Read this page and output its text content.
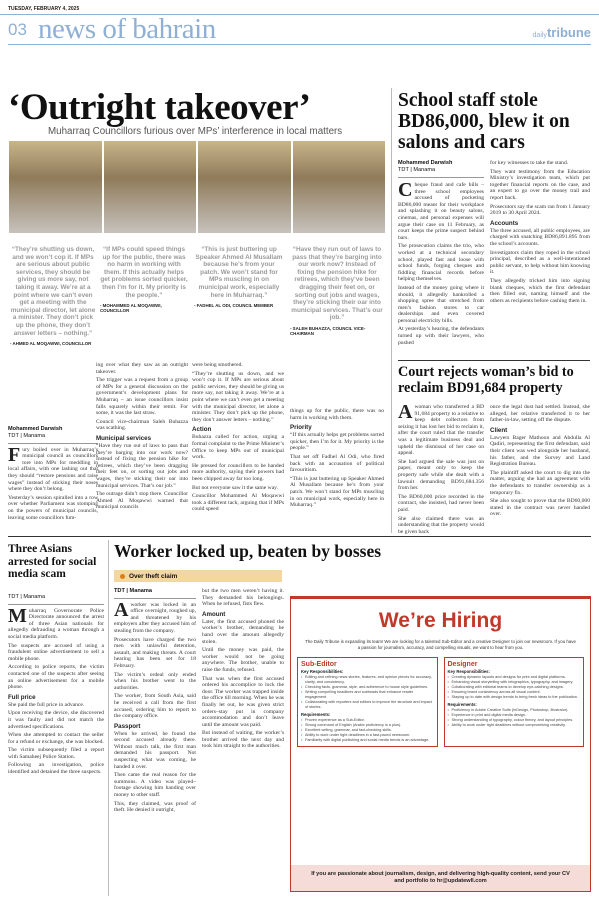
TUESDAY, FEBRUARY 4, 2025
03 news of bahrain	dailytribune
‘Outright takeover’
Muharraq Councillors furious over MPs’ interference in local matters
“They’re shutting us down, and we won’t cop it. If MPs are serious about public services, they should be giving us more say, not taking it away. We’re at a point where we can’t even get a meeting with the municipal director, let alone a minister. They don’t pick up the phone, they don’t answer letters – nothing.”
- AHMED AL MOQAWWI, COUNCILLOR
“If MPs could speed things up for the public, there was no harm in working with them. If this actually helps get problems sorted quicker, then I’m for it. My priority is the people.”
- MOHAMMED AL MOQAWWI, COUNCILLOR
“This is just buttering up Speaker Ahmed Al Musallam because he’s from your patch. We won’t stand for MPs muscling in on municipal work, especially here in Muharraq.”
- FADHEL AL ODI, COUNCIL MEMBER
“Have they run out of laws to pass that they’re barging into our work now? Instead of fixing the pension hike for retirees, which they’ve been dragging their feet on, or sorting out jobs and wages, they’re sticking their oar into municipal services. That’s our job.”
- SALEH BUHAZZA, COUNCIL VICE-CHAIRMAN
Mohammed Darwish
TDT | Manama

Fury boiled over in Muharraq’s municipal council as councillors tore into MPs for meddling in local affairs, with one lashing out that they should “restore pensions and raise wages” instead of sticking their noses where they don’t belong.

Yesterday’s session spiralled into a row over whether Parliament was stomping on the powers of municipal councils, leaving some councillors fum-

ing over what they saw as an outright takeover.

The trigger was a request from a group of MPs for a general discussion on the government’s development plans for Muharraq – an issue councillors insist falls squarely within their remit. For some, it was the last straw.

Council vice-chairman Saleh Buhazza was scathing.

Municipal services

“Have they run out of laws to pass that they’re barging into our work now? Instead of fixing the pension hike for retirees, which they’ve been dragging their feet on, or sorting out jobs and wages, they’re sticking their oar into municipal services. That’s our job.”

The outrage didn’t stop there. Councillor Ahmed Al Moqawwi warned that municipal councils

were being smothered.

“They’re shutting us down, and we won’t cop it. If MPs are serious about public services, they should be giving us more say, not taking it away. We’re at a point where we can’t even get a meeting with the municipal director, let alone a minister. They don’t pick up the phone, they don’t answer letters – nothing.”

Action

Buhazza called for action, urging a formal complaint to the Prime Minister’s Office to keep MPs out of municipal work.

He pressed for councillors to be handed more authority, saying their powers had been chipped away far too long.

But not everyone saw it the same way.

Councillor Mohammed Al Moqawwi took a different tack, arguing that if MPs could speed

things up for the public, there was no harm in working with them.

Priority

“If this actually helps get problems sorted quicker, then I’m for it. My priority is the people.”

That set off Fadhel Al Odi, who fired back with an accusation of political favouritism.

“This is just buttering up Speaker Ahmed Al Musallam because he’s from your patch. We won’t stand for MPs muscling in on municipal work, especially here in Muharraq.”

School staff stole BD86,000, blew it on salons and cars
Mohammed Darwish
TDT | Manama

Cheque fraud and cafe bills – three school employees accused of pocketing BD86,000 meant for their workplace and splashing it on beauty salons, cinemas, and personal expenses will argue their case on 11 February, as court keeps the prime suspect behind bars.

The prosecution claims the trio, who worked at a technical secondary school, played fast and loose with school funds, forging cheques and fiddling financial records before helping themselves.

Instead of the money going where it should, it allegedly bankrolled a shopping spree that stretched from men’s fashion stores to car dealerships and even covered personal electricity bills.

At yesterday’s hearing, the defendants turned up with their lawyers, who pushed

for key witnesses to take the stand.

They want testimony from the Education Ministry’s investigation team, which put together financial reports on the case, and an expert to go over the money trail and report back.

Prosecutors say the scam ran from 1 January 2019 to 30 April 2024.

Accounts

The three accused, all public employees, are charged with snatching BD86,891.895 from the school’s accounts.

Investigators claim they roped in the school principal, described as a well-intentioned public servant, to help without him knowing it.

They allegedly tricked him into signing blank cheques, which the first defendant then filled out, naming himself and the others as recipients before cashing them in.

Court rejects woman’s bid to reclaim BD91,684 property

Awoman who transferred a BD 91,684 property to a relative to keep debt collectors from seizing it has lost her bid to reclaim it, after the court ruled that the transfer was a legitimate business deal and upheld the dismissal of her case on appeal.

She had argued the sale was just on paper, meant only to keep the property safe while she dealt with a lawsuit demanding BD91,684.356 from her.

The BD60,000 price recorded in the contract, she insisted, had never been paid.

She also claimed there was an understanding that the property would be given back

once the legal dust had settled. Instead, she alleged, her relative transferred it to her father-in-law, setting off the dispute.

Client

Lawyers Bager Mathoon and Abdulla Al Qadiri, representing the first defendant, said their client was wed alongside her husband, his father, and the Survey and Land Registration Bureau.

The plaintiff asked the court to dig into the matter, arguing she had an agreement with the defendants to transfer ownership as a temporary fix.

She also sought to prove that the BD60,000 stated in the contract was never handed over.

Three Asians arrested for social media scam
TDT | Manama

Muharraq Governorate Police Directorate announced the arrest of three Asian nationals for allegedly defrauding a woman through a social media platform.

The suspects are accused of using a fraudulent online advertisement to sell a mobile phone.

According to police reports, the victim contacted one of the suspects after seeing an online advertisement for a mobile phone.

Full price

She paid the full price in advance.

Upon receiving the device, she discovered it was faulty and did not match the advertised specifications.

When she attempted to contact the seller for a refund or exchange, she was blocked.

The victim subsequently filed a report with Samaheej Police Station.

Following an investigation, police identified and detained the three suspects.

Worker locked up, beaten by bosses
Over theft claim
TDT | Manama

Aworker was locked in an office overnight, roughed up, and threatened by his employers after they accused him of stealing from the company.

Prosecutors have charged the two men with unlawful detention, assault, and making threats. A court hearing has been set for 18 February.

The victim’s ordeal only ended when his brother went to the authorities.

The worker, from South Asia, said he received a call from the first accused, ordering him to report to the company office.

Passport

When he arrived, he found the second accused already there. Without much talk, the first man demanded his passport. Not suspecting what was coming, he handed it over.

Then came the real reason for the summons. A video was played–footage showing him handing over money to other staff.

This, they claimed, was proof of theft. He denied it outright,

but the two men weren’t having it. They demanded his belongings. When he refused, fists flew.

Amount

Later, the first accused phoned the worker’s brother, demanding he hand over the amount allegedly stolen.

Until the money was paid, the worker would not be going anywhere. The brother, unable to raise the funds, refused.

That was when the first accused ordered his accomplice to lock the door. The worker was trapped inside the office till morning. When he was finally let out, he was given strict orders–stay put in company accommodation and don’t leave until the amount was paid.

But instead of waiting, the worker’s brother arrived the next day and took him straight to the authorities.

We’re Hiring

The Daily Tribune is expanding its team! We are looking for a talented Sub-Editor and a creative Designer to join our newsroom. If you have a passion for journalism, accuracy, and compelling visuals, we want to hear from you.

Sub-Editor
Key Responsibilities:
• Editing and refining news stories, features, and opinion pieces for accuracy, clarity, and consistency.
• Checking facts, grammar, style, and adherence to house style guidelines.
• Writing compelling headlines and subheads that enhance reader engagement.
• Collaborating with reporters and editors to improve the structure and impact of stories.
Requirements:
• Proven experience as a Sub-Editor.
• Strong command of English (Arabic proficiency is a plus).
• Excellent writing, grammar, and fact-checking skills.
• Ability to work under tight deadlines in a fast-paced newsroom.
• Familiarity with digital publishing and social media trends is an advantage.
Designer
Key Responsibilities:
• Creating dynamic layouts and designs for print and digital platforms.
• Enhancing visual storytelling with infographics, typography, and imagery.
• Collaborating with editorial teams to develop eye-catching designs.
• Ensuring brand consistency across all visual content.
• Staying up to date with design trends to bring fresh ideas to the publication.
Requirements:
• Proficiency in Adobe Creative Suite (InDesign, Photoshop, Illustrator).
• Experience in print and digital media design.
• Strong understanding of typography, colour theory, and layout principles.
• Ability to work under tight deadlines without compromising creativity.
If you are passionate about journalism, design, and delivering high-quality content, send your CV and portfolio to hr@updatewll.com
